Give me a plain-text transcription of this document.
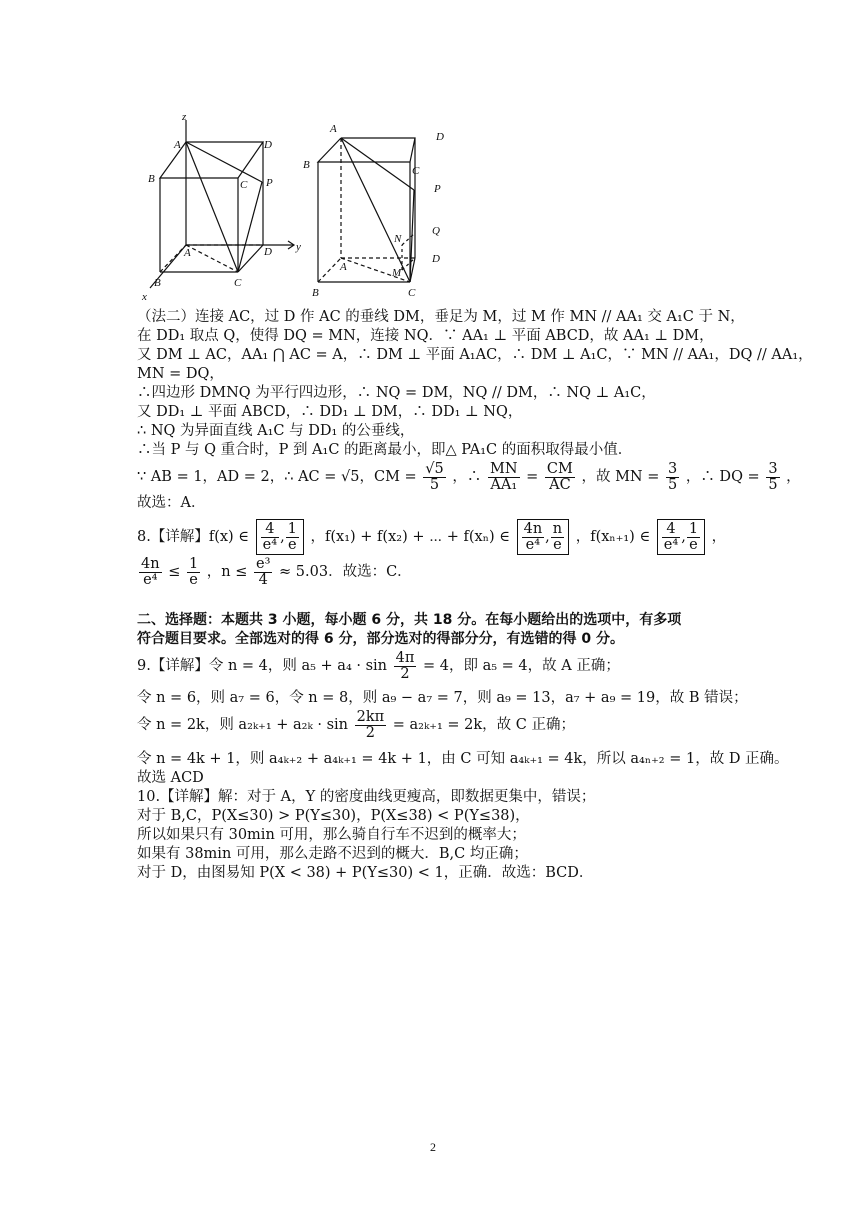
z
A	D
B	C P
A	D y
B	C
x
A
D
B	C
P
Q
N
A	M
D
B	C
（法二）连接 AC，过 D 作 AC 的垂线 DM，垂足为 M，过 M 作 MN // AA₁ 交 A₁C 于 N，
在 DD₁ 取点 Q，使得 DQ = MN，连接 NQ．∵ AA₁ ⊥ 平面 ABCD，故 AA₁ ⊥ DM，
又 DM ⊥ AC，AA₁ ⋂ AC = A，∴ DM ⊥ 平面 A₁AC，∴ DM ⊥ A₁C，∵ MN // AA₁，DQ // AA₁，
MN = DQ，
∴四边形 DMNQ 为平行四边形，∴ NQ = DM，NQ // DM，∴ NQ ⊥ A₁C，
又 DD₁ ⊥ 平面 ABCD，∴ DD₁ ⊥ DM，∴ DD₁ ⊥ NQ，
∴ NQ 为异面直线 A₁C 与 DD₁ 的公垂线，
∴当 P 与 Q 重合时，P 到 A₁C 的距离最小，即△ PA₁C 的面积取得最小值．
∵ AB = 1，AD = 2，∴ AC = √5，CM = $\frac{√5}{5}$ ，∴ $\frac{MN}{\text{AA₁}} = \frac{CM}{AC}$ ，故 MN = $\frac{3}{5}$ ，∴ DQ = $\frac{3}{5}$ ，
故选：A．
8.【详解】f(x) ∈ $\frac{4}{\text{e⁴}}$ , $\frac{1}{e}$ ，f(x₁) + f(x₂) + ⋯ + f(xₙ) ∈ $\frac{4n}{\text{e⁴}}$ , $\frac{n}{e}$ ，f(xₙ₊₁) ∈ $\frac{4}{\text{e⁴}}$ , $\frac{1}{e}$ ，
$\frac{4n}{\text{e⁴}} \le \frac{1}{e}$ ，$n \le \frac{\text{e³}}{4} \approx 5.03$．故选：C．
二、选择题：本题共 3 小题，每小题 6 分，共 18 分。在每小题给出的选项中，有多项
符合题目要求。全部选对的得 6 分，部分选对的得部分分，有选错的得 0 分。
9.【详解】令 n = 4，则 $a_5 + a_4 \cdot \sin \frac{4\pi}{2} = 4$，即 a₅ = 4，故 A 正确；
令 n = 6，则 a₇ = 6，令 n = 8，则 a₉ − a₇ = 7，则 a₉ = 13，a₇ + a₉ = 19，故 B 错误；
令 n = 2k，则 $a_{2k+1} + a_{2k} \cdot \sin \frac{2k\pi}{2} = a_{2k+1} = 2k$，故 C 正确；
令 n = 4k + 1，则 a₄ₖ₊₂ + a₄ₖ₊₁ = 4k + 1，由 C 可知 a₄ₖ₊₁ = 4k，所以 a₄ₙ₊₂ = 1，故 D 正确。
故选 ACD
10.【详解】解：对于 A，Y 的密度曲线更瘦高，即数据更集中，错误；
对于 B,C，P(X≤30) > P(Y≤30)，P(X≤38) < P(Y≤38)，
所以如果只有 30min 可用，那么骑自行车不迟到的概率大；
如果有 38min 可用，那么走路不迟到的概大．B,C 均正确；
对于 D，由图易知 P(X < 38) + P(Y≤30) < 1，正确．故选：BCD．
2
